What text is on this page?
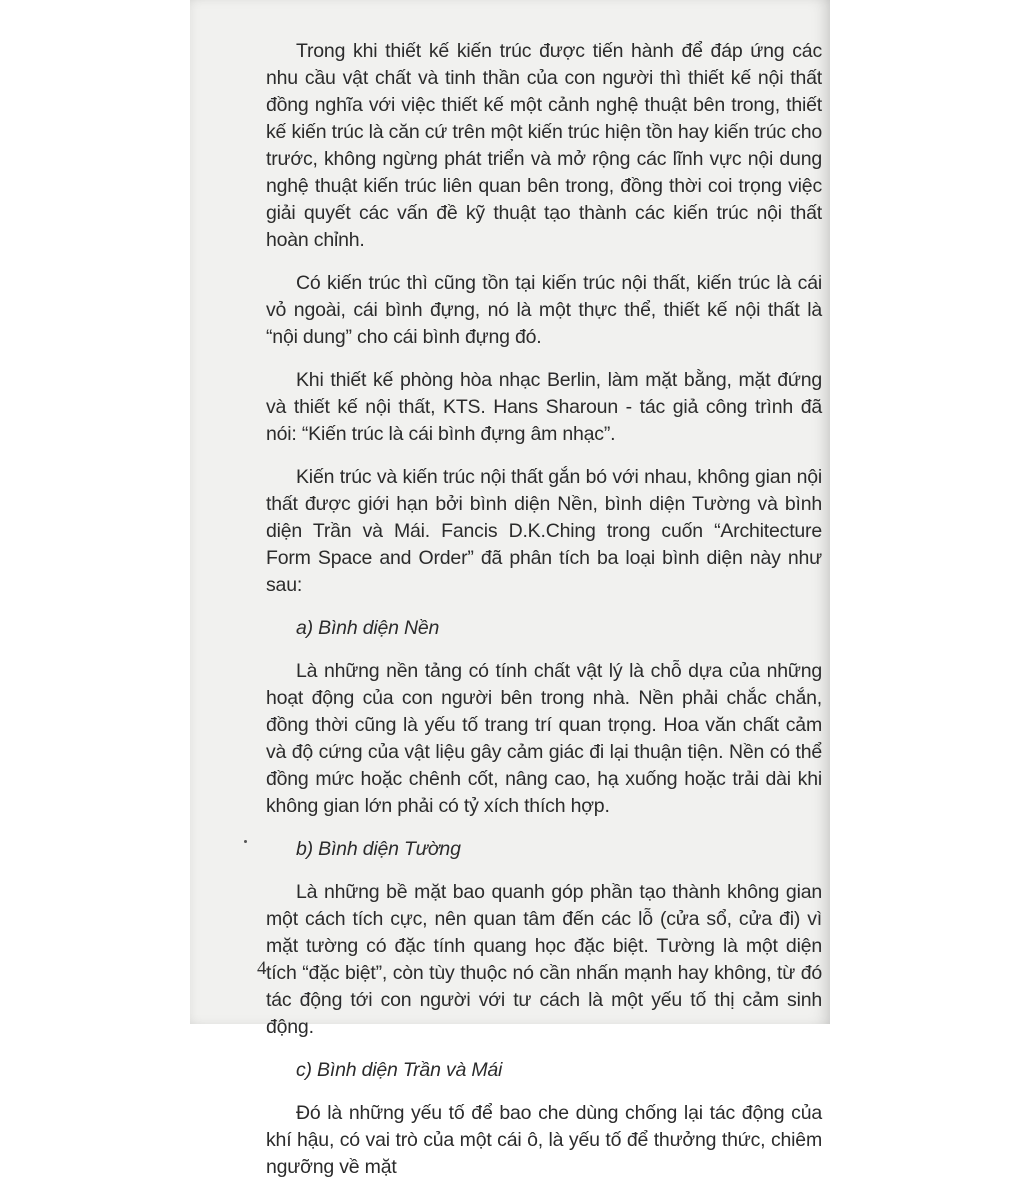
Trong khi thiết kế kiến trúc được tiến hành để đáp ứng các nhu cầu vật chất và tinh thần của con người thì thiết kế nội thất đồng nghĩa với việc thiết kế một cảnh nghệ thuật bên trong, thiết kế kiến trúc là căn cứ trên một kiến trúc hiện tồn hay kiến trúc cho trước, không ngừng phát triển và mở rộng các lĩnh vực nội dung nghệ thuật kiến trúc liên quan bên trong, đồng thời coi trọng việc giải quyết các vấn đề kỹ thuật tạo thành các kiến trúc nội thất hoàn chỉnh.

Có kiến trúc thì cũng tồn tại kiến trúc nội thất, kiến trúc là cái vỏ ngoài, cái bình đựng, nó là một thực thể, thiết kế nội thất là “nội dung” cho cái bình đựng đó.

Khi thiết kế phòng hòa nhạc Berlin, làm mặt bằng, mặt đứng và thiết kế nội thất, KTS. Hans Sharoun - tác giả công trình đã nói: “Kiến trúc là cái bình đựng âm nhạc”.

Kiến trúc và kiến trúc nội thất gắn bó với nhau, không gian nội thất được giới hạn bởi bình diện Nền, bình diện Tường và bình diện Trần và Mái. Fancis D.K.Ching trong cuốn “Architecture Form Space and Order” đã phân tích ba loại bình diện này như sau:

a) Bình diện Nền

Là những nền tảng có tính chất vật lý là chỗ dựa của những hoạt động của con người bên trong nhà. Nền phải chắc chắn, đồng thời cũng là yếu tố trang trí quan trọng. Hoa văn chất cảm và độ cứng của vật liệu gây cảm giác đi lại thuận tiện. Nền có thể đồng mức hoặc chênh cốt, nâng cao, hạ xuống hoặc trải dài khi không gian lớn phải có tỷ xích thích hợp.

b) Bình diện Tường

Là những bề mặt bao quanh góp phần tạo thành không gian một cách tích cực, nên quan tâm đến các lỗ (cửa sổ, cửa đi) vì mặt tường có đặc tính quang học đặc biệt. Tường là một diện tích “đặc biệt”, còn tùy thuộc nó cần nhấn mạnh hay không, từ đó tác động tới con người với tư cách là một yếu tố thị cảm sinh động.

c) Bình diện Trần và Mái

Đó là những yếu tố để bao che dùng chống lại tác động của khí hậu, có vai trò của một cái ô, là yếu tố để thưởng thức, chiêm ngưỡng về mặt

4
